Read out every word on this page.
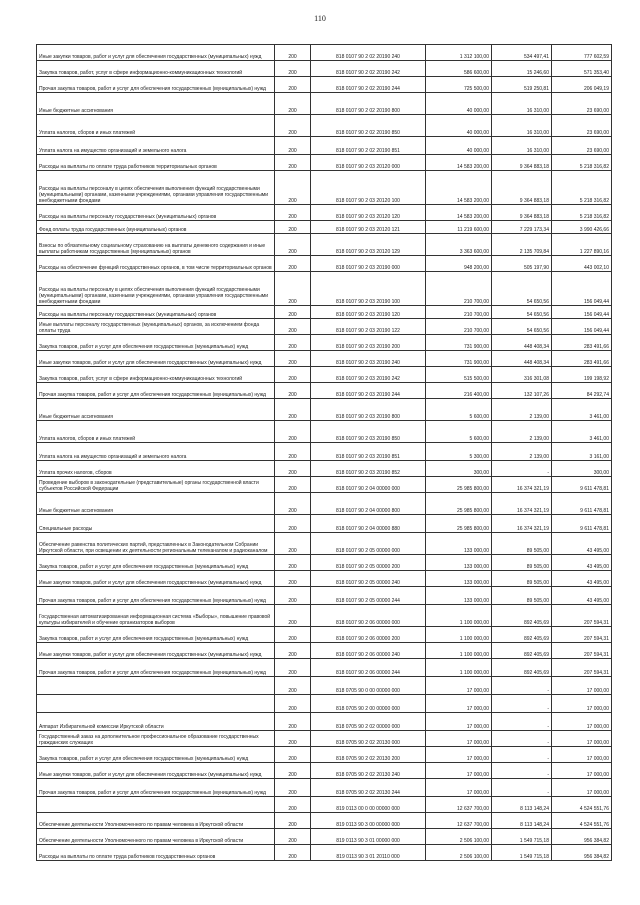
110
Иные закупки товаров, работ и услуг для обеспечения государственных (муниципальных) нужд	200	818 0107 90 2 02 20190 240	1 312 100,00	534 497,41	777 602,59
Закупка товаров, работ, услуг в сфере информационно-коммуникационных технологий	200	818 0107 90 2 02 20190 242	586 600,00	15 246,60	571 353,40
Прочая закупка товаров, работ и услуг для обеспечения государственных (муниципальных) нужд	200	818 0107 90 2 02 20190 244	725 500,00	519 250,81	206 049,19
Иные бюджетные ассигнования	200	818 0107 90 2 02 20190 800	40 000,00	16 310,00	23 690,00
Уплата налогов, сборов и иных платежей	200	818 0107 90 2 02 20190 850	40 000,00	16 310,00	23 690,00
Уплата налога на имущество организаций и земельного налога	200	818 0107 90 2 02 20190 851	40 000,00	16 310,00	23 690,00
Расходы на выплаты по оплате труда работников территориальных органов	200	818 0107 90 2 03 20120 000	14 583 200,00	9 364 883,18	5 218 316,82
Расходы на выплаты персоналу в целях обеспечения выполнения функций государственными (муниципальными) органами, казенными учреждениями, органами управления государственными внебюджетными фондами	200	818 0107 90 2 03 20120 100	14 583 200,00	9 364 883,18	5 218 316,82
Расходы на выплаты персоналу государственных (муниципальных) органов	200	818 0107 90 2 03 20120 120	14 583 200,00	9 364 883,18	5 218 316,82
Фонд оплаты труда государственных (муниципальных) органов	200	818 0107 90 2 03 20120 121	11 219 600,00	7 229 173,34	3 990 426,66
Взносы по обязательному социальному страхованию на выплаты денежного содержания и иные выплаты работникам государственных (муниципальных) органов	200	818 0107 90 2 03 20120 129	3 363 600,00	2 135 709,84	1 227 890,16
Расходы на обеспечение функций государственных органов, в том числе территориальных органов	200	818 0107 90 2 03 20190 000	948 200,00	505 197,90	443 002,10
Расходы на выплаты персоналу в целях обеспечения выполнения функций государственными (муниципальными) органами, казенными учреждениями, органами управления государственными внебюджетными фондами	200	818 0107 90 2 03 20190 100	210 700,00	54 650,56	156 049,44
Расходы на выплаты персоналу государственных (муниципальных) органов	200	818 0107 90 2 03 20190 120	210 700,00	54 650,56	156 049,44
Иные выплаты персоналу государственных (муниципальных) органов, за исключением фонда оплаты труда	200	818 0107 90 2 03 20190 122	210 700,00	54 650,56	156 049,44
Закупка товаров, работ и услуг для обеспечения государственных (муниципальных) нужд	200	818 0107 90 2 03 20190 200	731 900,00	448 408,34	283 491,66
Иные закупки товаров, работ и услуг для обеспечения государственных (муниципальных) нужд	200	818 0107 90 2 03 20190 240	731 900,00	448 408,34	283 491,66
Закупка товаров, работ, услуг в сфере информационно-коммуникационных технологий	200	818 0107 90 2 03 20190 242	515 500,00	316 301,08	199 198,92
Прочая закупка товаров, работ и услуг для обеспечения государственных (муниципальных) нужд	200	818 0107 90 2 03 20190 244	216 400,00	132 107,26	84 292,74
Иные бюджетные ассигнования	200	818 0107 90 2 03 20190 800	5 600,00	2 139,00	3 461,00
Уплата налогов, сборов и иных платежей	200	818 0107 90 2 03 20190 850	5 600,00	2 139,00	3 461,00
Уплата налога на имущество организаций и земельного налога	200	818 0107 90 2 03 20190 851	5 300,00	2 139,00	3 161,00
Уплата прочих налогов, сборов	200	818 0107 90 2 03 20190 852	300,00	-	300,00
Проведение выборов в законодательные (представительные) органы государственной власти субъектов Российской Федерации	200	818 0107 90 2 04 00000 000	25 985 800,00	16 374 321,19	9 611 478,81
Иные бюджетные ассигнования	200	818 0107 90 2 04 00000 800	25 985 800,00	16 374 321,19	9 611 478,81
Специальные расходы	200	818 0107 90 2 04 00000 880	25 985 800,00	16 374 321,19	9 611 478,81
Обеспечение равенства политических партий, представленных в Законодательном Собрании Иркутской области, при освещении их деятельности региональным телеканалом и радиоканалом	200	818 0107 90 2 05 00000 000	133 000,00	89 505,00	43 495,00
Закупка товаров, работ и услуг для обеспечения государственных (муниципальных) нужд	200	818 0107 90 2 05 00000 200	133 000,00	89 505,00	43 495,00
Иные закупки товаров, работ и услуг для обеспечения государственных (муниципальных) нужд	200	818 0107 90 2 05 00000 240	133 000,00	89 505,00	43 495,00
Прочая закупка товаров, работ и услуг для обеспечения государственных (муниципальных) нужд	200	818 0107 90 2 05 00000 244	133 000,00	89 505,00	43 495,00
Государственная автоматизированная информационная система «Выборы», повышение правовой культуры избирателей и обучение организаторов выборов	200	818 0107 90 2 06 00000 000	1 100 000,00	892 405,69	207 594,31
Закупка товаров, работ и услуг для обеспечения государственных (муниципальных) нужд	200	818 0107 90 2 06 00000 200	1 100 000,00	892 405,69	207 594,31
Иные закупки товаров, работ и услуг для обеспечения государственных (муниципальных) нужд	200	818 0107 90 2 06 00000 240	1 100 000,00	892 405,69	207 594,31
Прочая закупка товаров, работ и услуг для обеспечения государственных (муниципальных) нужд	200	818 0107 90 2 06 00000 244	1 100 000,00	892 405,69	207 594,31
	200	818 0705 90 0 00 00000 000	17 000,00	-	17 000,00
	200	818 0705 90 2 00 00000 000	17 000,00	-	17 000,00
Аппарат Избирательной комиссии Иркутской области	200	818 0705 90 2 02 00000 000	17 000,00	-	17 000,00
Государственный заказ на дополнительное профессиональное образование государственных гражданских служащих	200	818 0705 90 2 02 20130 000	17 000,00	-	17 000,00
Закупка товаров, работ и услуг для обеспечения государственных (муниципальных) нужд	200	818 0705 90 2 02 20130 200	17 000,00	-	17 000,00
Иные закупки товаров, работ и услуг для обеспечения государственных (муниципальных) нужд	200	818 0705 90 2 02 20130 240	17 000,00	-	17 000,00
Прочая закупка товаров, работ и услуг для обеспечения государственных (муниципальных) нужд	200	818 0705 90 2 02 20130 244	17 000,00	-	17 000,00
	200	819 0113 00 0 00 00000 000	12 637 700,00	8 113 148,24	4 524 551,76
Обеспечение деятельности Уполномоченного по правам человека в Иркутской области	200	819 0113 90 3 00 00000 000	12 637 700,00	8 113 148,24	4 524 551,76
Обеспечение деятельности Уполномоченного по правам человека в Иркутской области	200	819 0113 90 3 01 00000 000	2 506 100,00	1 549 715,18	956 384,82
Расходы на выплаты по оплате труда работников государственных органов	200	819 0113 90 3 01 20110 000	2 506 100,00	1 549 715,18	956 384,82
